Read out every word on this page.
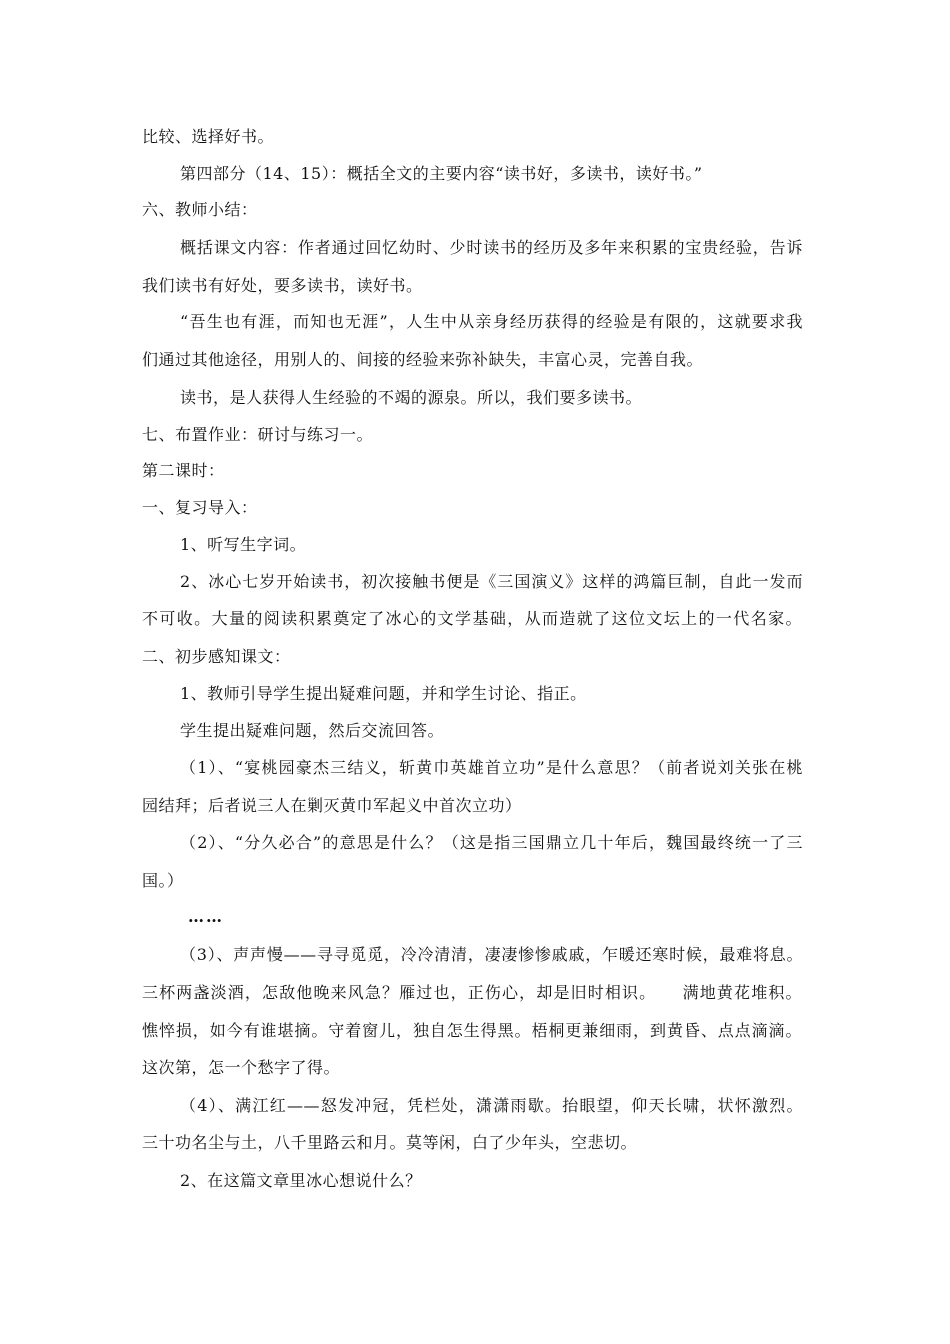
比较、选择好书。
第四部分（14、15）：概括全文的主要内容“读书好，多读书，读好书。”
六、教师小结：
概括课文内容：作者通过回忆幼时、少时读书的经历及多年来积累的宝贵经验，告诉
我们读书有好处，要多读书，读好书。
“吾生也有涯，而知也无涯”，人生中从亲身经历获得的经验是有限的，这就要求我
们通过其他途径，用别人的、间接的经验来弥补缺失，丰富心灵，完善自我。
读书，是人获得人生经验的不竭的源泉。所以，我们要多读书。
七、布置作业：研讨与练习一。
第二课时：
一、复习导入：
1、听写生字词。
2、冰心七岁开始读书，初次接触书便是《三国演义》这样的鸿篇巨制，自此一发而
不可收。大量的阅读积累奠定了冰心的文学基础，从而造就了这位文坛上的一代名家。
二、初步感知课文：
1、教师引导学生提出疑难问题，并和学生讨论、指正。
学生提出疑难问题，然后交流回答。
（1）、“宴桃园豪杰三结义，斩黄巾英雄首立功”是什么意思？（前者说刘关张在桃
园结拜；后者说三人在剿灭黄巾军起义中首次立功）
（2）、“分久必合”的意思是什么？（这是指三国鼎立几十年后，魏国最终统一了三
国。）
……
（3）、声声慢——寻寻觅觅，冷冷清清，凄凄惨惨戚戚，乍暖还寒时候，最难将息。
三杯两盏淡酒，怎敌他晚来风急？雁过也，正伤心，却是旧时相识。　　满地黄花堆积。
憔悴损，如今有谁堪摘。守着窗儿，独自怎生得黑。梧桐更兼细雨，到黄昏、点点滴滴。
这次第，怎一个愁字了得。
（4）、满江红——怒发冲冠，凭栏处，潇潇雨歇。抬眼望，仰天长啸，状怀激烈。
三十功名尘与土，八千里路云和月。莫等闲，白了少年头，空悲切。
2、在这篇文章里冰心想说什么？
